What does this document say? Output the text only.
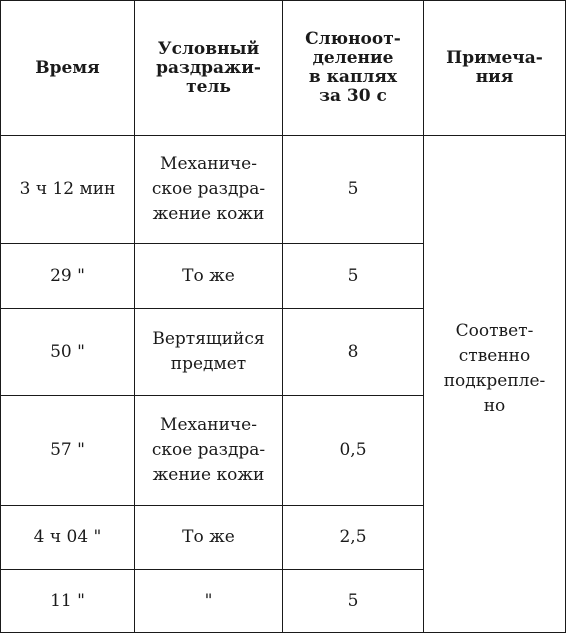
Время	Условный
раздражи-
тель	Слюноот-
деление
в каплях
за 30 с	Примеча-
ния
3 ч 12 мин	Механиче-
ское раздра-
жение кожи	5	Соответ-
ственно
подкрепле-
но
29 "	То же	5	
50 "	Вертящийся
предмет	8	
57 "	Механиче-
ское раздра-
жение кожи	0,5	
4 ч 04 "	То же	2,5	
11 "	"	5	
